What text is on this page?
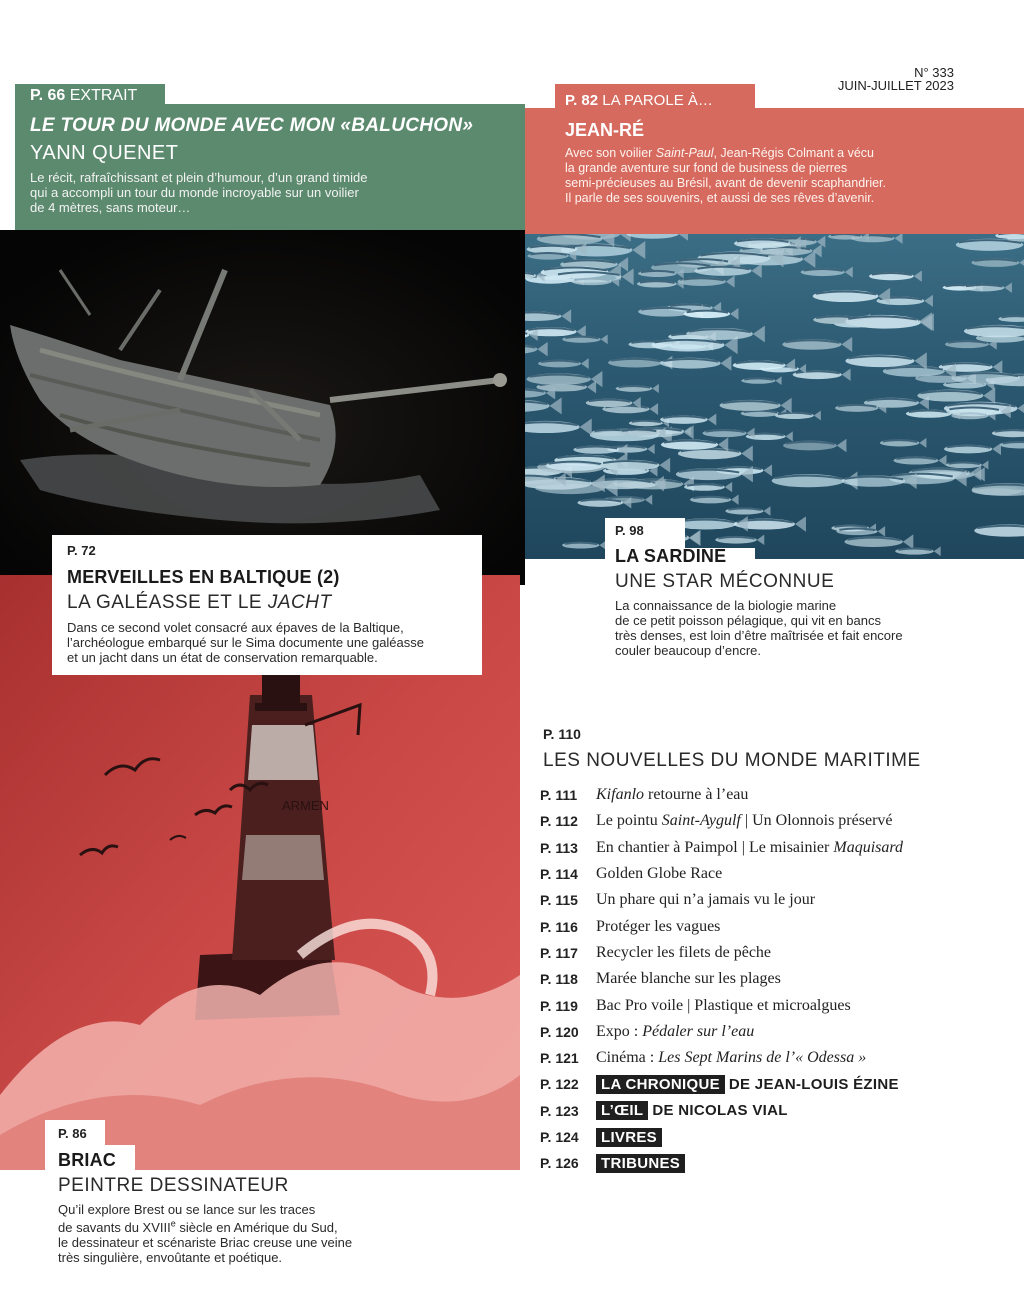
N° 333
JUIN-JUILLET 2023
P. 66 EXTRAIT
LE TOUR DU MONDE AVEC MON «BALUCHON»
YANN QUENET
Le récit, rafraîchissant et plein d’humour, d’un grand timide
qui a accompli un tour du monde incroyable sur un voilier
de 4 mètres, sans moteur…
P. 82 LA PAROLE À…
JEAN-RÉ
Avec son voilier Saint-Paul, Jean-Régis Colmant a vécu
la grande aventure sur fond de business de pierres
semi-précieuses au Brésil, avant de devenir scaphandrier.
Il parle de ses souvenirs, et aussi de ses rêves d’avenir.
ARMEN
P. 72
MERVEILLES EN BALTIQUE (2)
LA GALÉASSE ET LE JACHT
Dans ce second volet consacré aux épaves de la Baltique,
l’archéologue embarqué sur le Sima documente une galéasse
et un jacht dans un état de conservation remarquable.
P. 98
LA SARDINE
UNE STAR MÉCONNUE
La connaissance de la biologie marine
de ce petit poisson pélagique, qui vit en bancs
très denses, est loin d’être maîtrisée et fait encore
couler beaucoup d’encre.
P. 86
BRIAC
PEINTRE DESSINATEUR
Qu’il explore Brest ou se lance sur les traces
de savants du XVIIIe siècle en Amérique du Sud,
le dessinateur et scénariste Briac creuse une veine
très singulière, envoûtante et poétique.
P. 110
LES NOUVELLES DU MONDE MARITIME
P. 111	Kifanlo retourne à l’eau
P. 112	Le pointu Saint-Aygulf | Un Olonnois préservé
P. 113	En chantier à Paimpol | Le misainier Maquisard
P. 114	Golden Globe Race
P. 115	Un phare qui n’a jamais vu le jour
P. 116	Protéger les vagues
P. 117	Recycler les filets de pêche
P. 118	Marée blanche sur les plages
P. 119	Bac Pro voile | Plastique et microalgues
P. 120	Expo : Pédaler sur l’eau
P. 121	Cinéma : Les Sept Marins de l’« Odessa »
P. 122	LA CHRONIQUE DE JEAN-LOUIS ÉZINE
P. 123	L’ŒIL DE NICOLAS VIAL
P. 124	LIVRES
P. 126	TRIBUNES
